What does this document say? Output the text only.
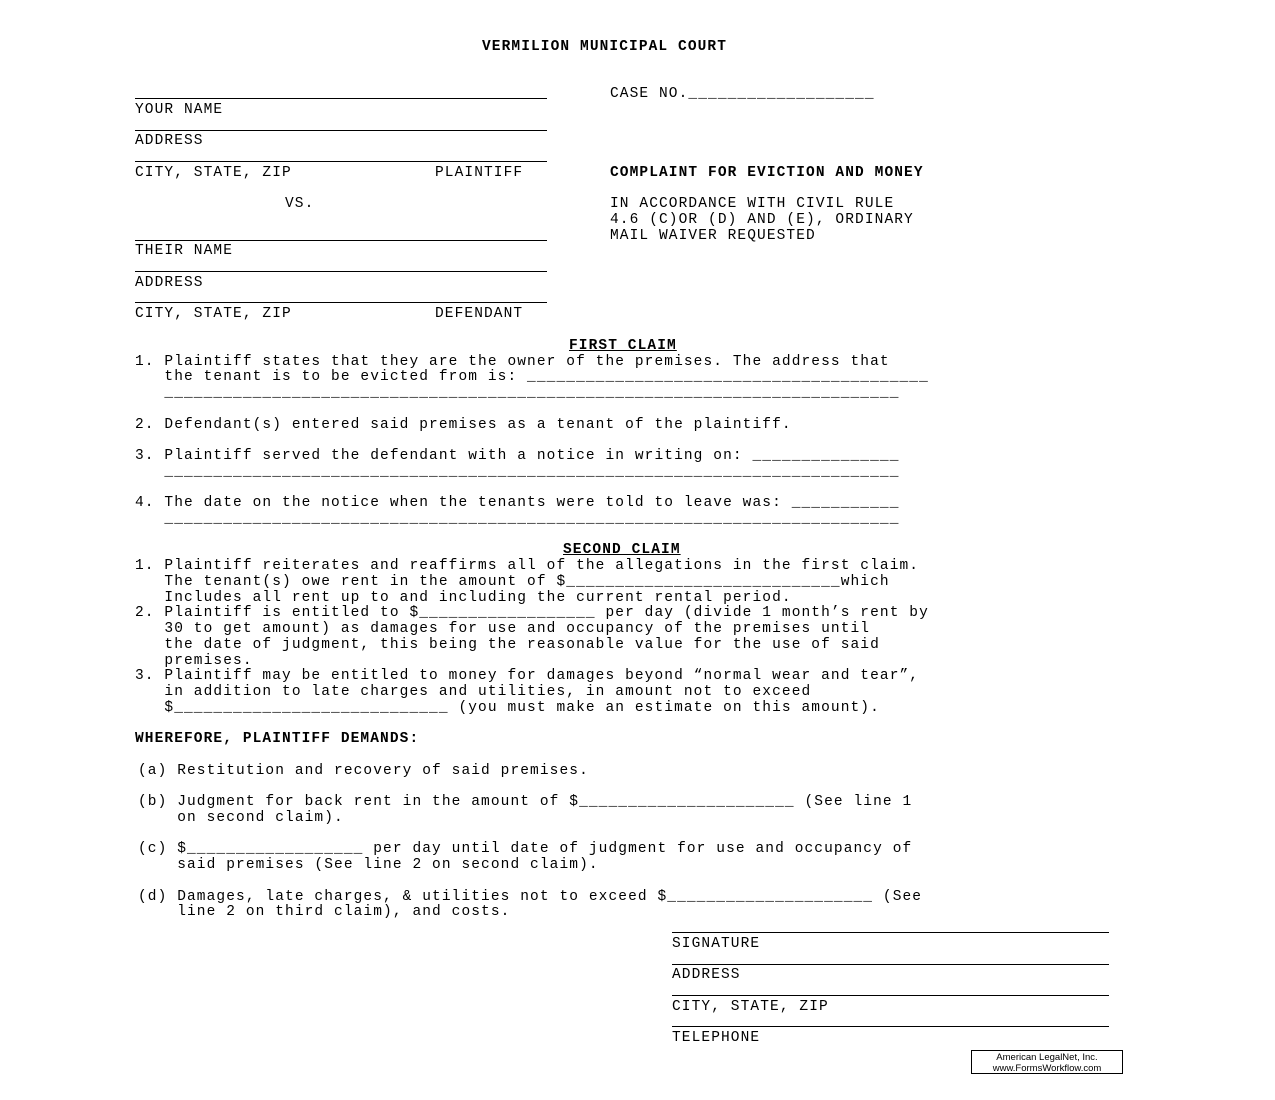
VERMILION MUNICIPAL COURT
YOUR NAME
ADDRESS
CITY, STATE, ZIP	PLAINTIFF
VS.
THEIR NAME
ADDRESS
CITY, STATE, ZIP	DEFENDANT
CASE NO.___________________
COMPLAINT FOR EVICTION AND MONEY
IN ACCORDANCE WITH CIVIL RULE
4.6 (C)OR (D) AND (E), ORDINARY
MAIL WAIVER REQUESTED
FIRST CLAIM
1. Plaintiff states that they are the owner of the premises. The address that
the tenant is to be evicted from is: _________________________________________
___________________________________________________________________________
2. Defendant(s) entered said premises as a tenant of the plaintiff.
3. Plaintiff served the defendant with a notice in writing on: _______________
___________________________________________________________________________
4. The date on the notice when the tenants were told to leave was: ___________
___________________________________________________________________________
SECOND CLAIM
1. Plaintiff reiterates and reaffirms all of the allegations in the first claim.
The tenant(s) owe rent in the amount of $____________________________which
Includes all rent up to and including the current rental period.
2. Plaintiff is entitled to $__________________ per day (divide 1 month’s rent by
30 to get amount) as damages for use and occupancy of the premises until
the date of judgment, this being the reasonable value for the use of said
premises.
3. Plaintiff may be entitled to money for damages beyond “normal wear and tear”,
in addition to late charges and utilities, in amount not to exceed
$____________________________ (you must make an estimate on this amount).
WHEREFORE, PLAINTIFF DEMANDS:
(a) Restitution and recovery of said premises.
(b) Judgment for back rent in the amount of $______________________ (See line 1
on second claim).
(c) $__________________ per day until date of judgment for use and occupancy of
said premises (See line 2 on second claim).
(d) Damages, late charges, & utilities not to exceed $_____________________ (See
line 2 on third claim), and costs.
SIGNATURE
ADDRESS
CITY, STATE, ZIP
TELEPHONE
American LegalNet, Inc.
www.FormsWorkflow.com
